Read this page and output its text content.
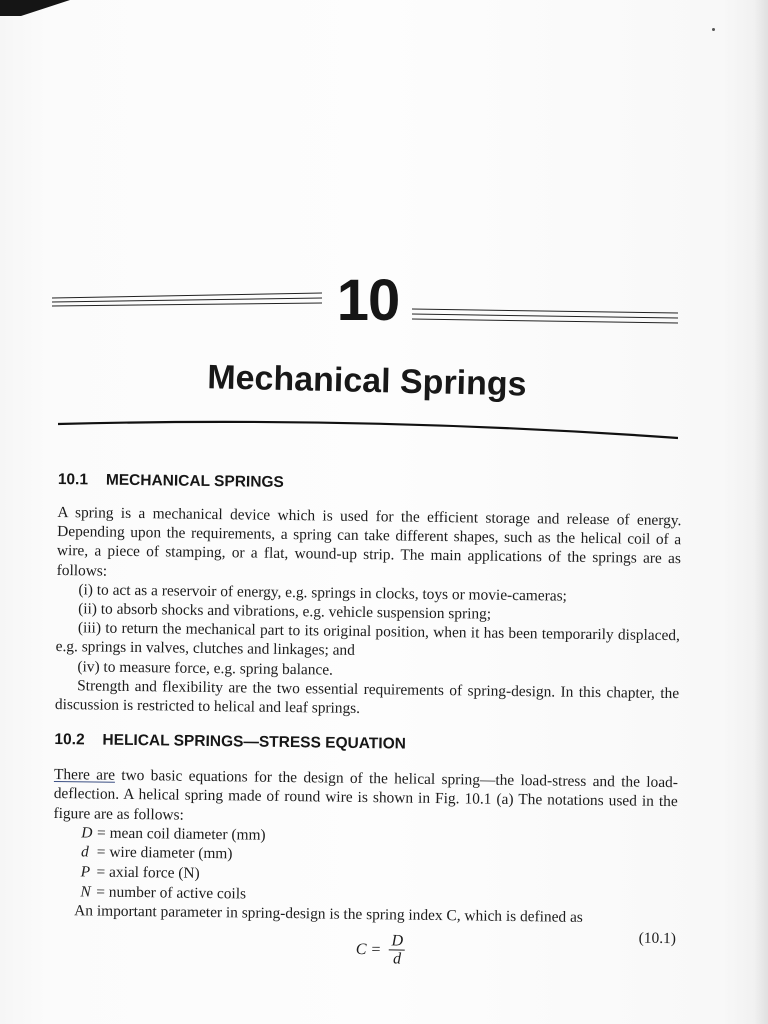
10
Mechanical Springs
10.1 MECHANICAL SPRINGS

A spring is a mechanical device which is used for the efficient storage and release of energy. Depending upon the requirements, a spring can take different shapes, such as the helical coil of a wire, a piece of stamping, or a flat, wound-up strip. The main applications of the springs are as follows:

(i) to act as a reservoir of energy, e.g. springs in clocks, toys or movie-cameras;

(ii) to absorb shocks and vibrations, e.g. vehicle suspension spring;

(iii) to return the mechanical part to its original position, when it has been temporarily displaced, e.g. springs in valves, clutches and linkages; and

(iv) to measure force, e.g. spring balance.

Strength and flexibility are the two essential requirements of spring-design. In this chapter, the discussion is restricted to helical and leaf springs.

10.2 HELICAL SPRINGS—STRESS EQUATION

There are two basic equations for the design of the helical spring—the load-stress and the load-deflection. A helical spring made of round wire is shown in Fig. 10.1 (a) The notations used in the figure are as follows:

D = mean coil diameter (mm)
d = wire diameter (mm)
P = axial force (N)
N = number of active coils

An important parameter in spring-design is the spring index C, which is defined as

$C = \frac{D}{d}$	(10.1)
